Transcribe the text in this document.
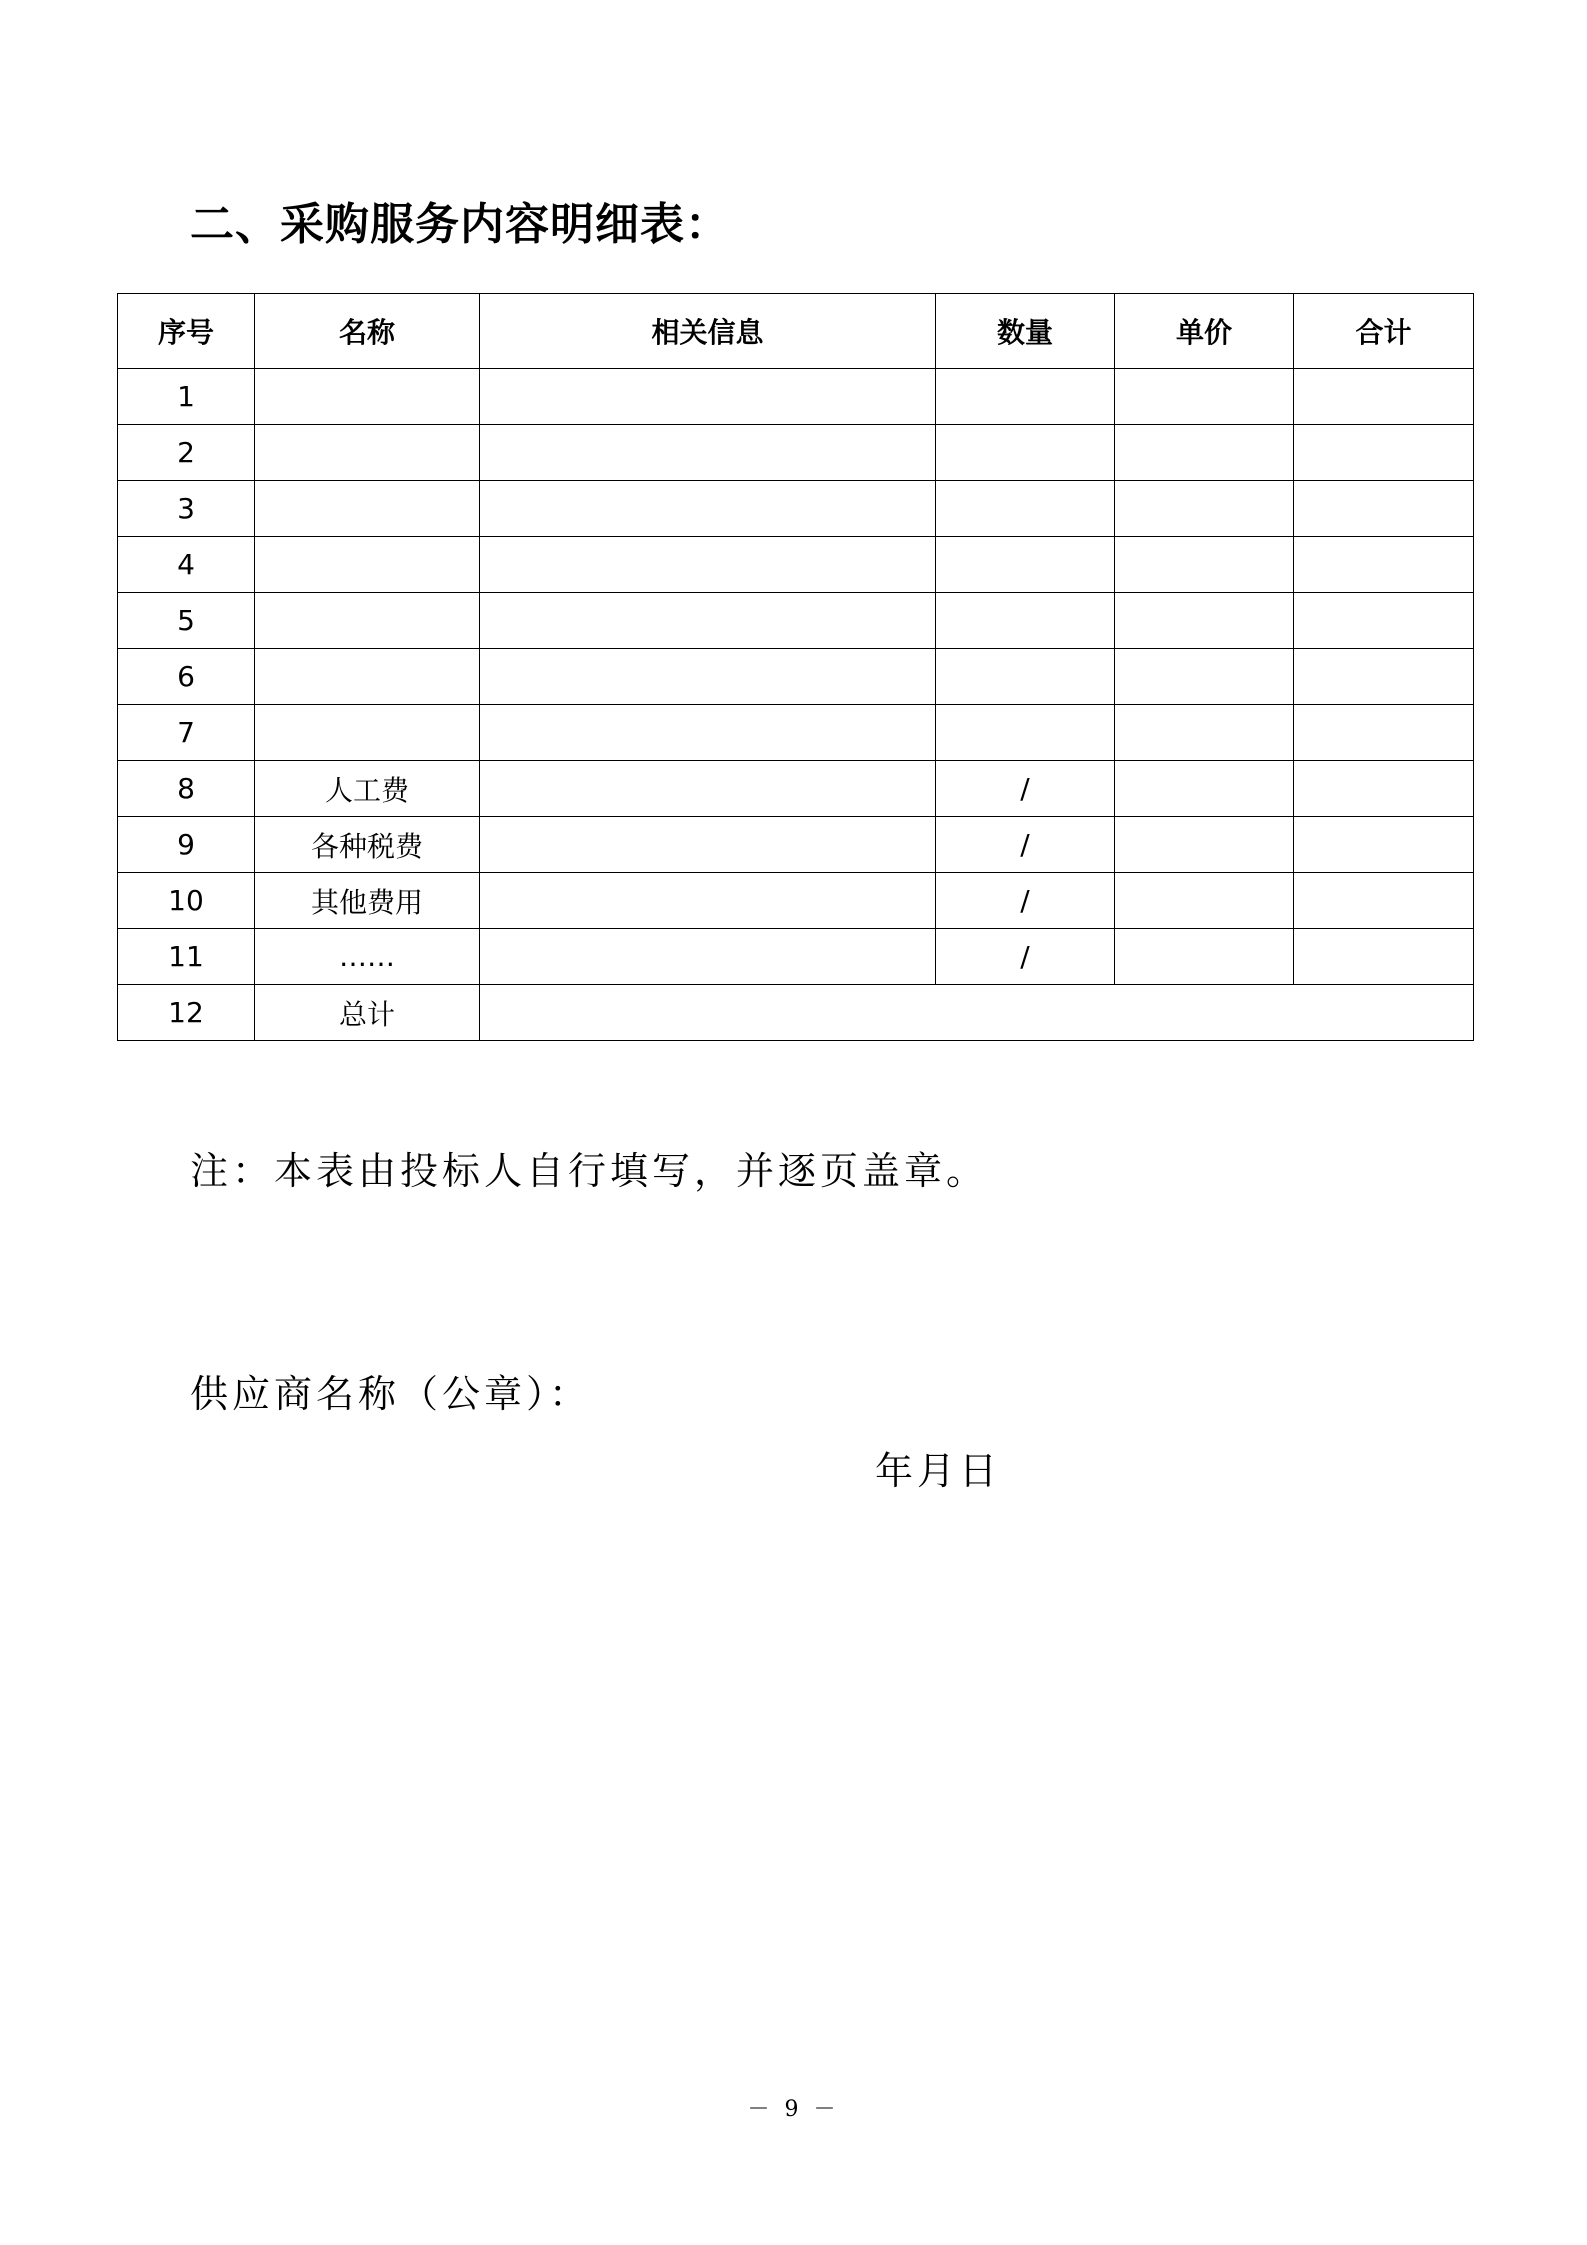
二、采购服务内容明细表：
序号	名称	相关信息	数量	单价	合计
1					
2					
3					
4					
5					
6					
7					
8	人工费		/		
9	各种税费		/		
10	其他费用		/		
11	……		/		
12	总计				

注：本表由投标人自行填写，并逐页盖章。

供应商名称（公章）：

年月日

－ 9 －
